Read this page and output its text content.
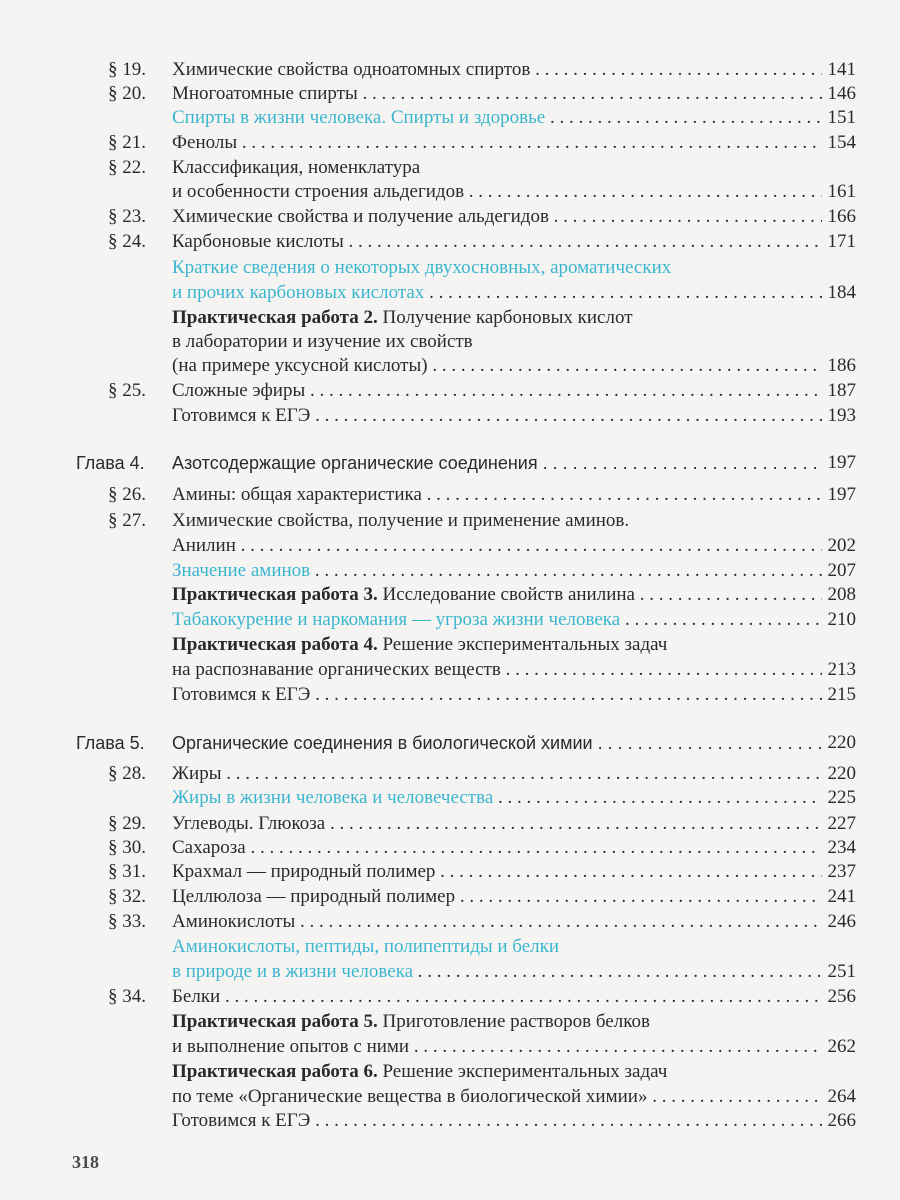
§ 19. Химические свойства одноатомных спиртов . . .	141
§ 20. Многоатомные спирты . . .	146
Спирты в жизни человека. Спирты и здоровье . . .	151
§ 21. Фенолы . . .	154
§ 22. Классификация, номенклатура
и особенности строения альдегидов . . .	161
§ 23. Химические свойства и получение альдегидов . . .	166
§ 24. Карбоновые кислоты . . .	171
Краткие сведения о некоторых двухосновных, ароматических
и прочих карбоновых кислотах . . .	184
Практическая работа 2. Получение карбоновых кислот
в лаборатории и изучение их свойств
(на примере уксусной кислоты) . . .	186
§ 25. Сложные эфиры . . .	187
Готовимся к ЕГЭ . . .	193
Глава 4. Азотсодержащие органические соединения . . .	197
§ 26. Амины: общая характеристика . . .	197
§ 27. Химические свойства, получение и применение аминов.
Анилин . . .	202
Значение аминов . . .	207
Практическая работа 3. Исследование свойств анилина . . .	208
Табакокурение и наркомания — угроза жизни человека . . .	210
Практическая работа 4. Решение экспериментальных задач
на распознавание органических веществ . . .	213
Готовимся к ЕГЭ . . .	215
Глава 5. Органические соединения в биологической химии . . .	220
§ 28. Жиры . . .	220
Жиры в жизни человека и человечества . . .	225
§ 29. Углеводы. Глюкоза . . .	227
§ 30. Сахароза . . .	234
§ 31. Крахмал — природный полимер . . .	237
§ 32. Целлюлоза — природный полимер . . .	241
§ 33. Аминокислоты . . .	246
Аминокислоты, пептиды, полипептиды и белки
в природе и в жизни человека . . .	251
§ 34. Белки . . .	256
Практическая работа 5. Приготовление растворов белков
и выполнение опытов с ними . . .	262
Практическая работа 6. Решение экспериментальных задач
по теме «Органические вещества в биологической химии» . . .	264
Готовимся к ЕГЭ . . .	266
318
